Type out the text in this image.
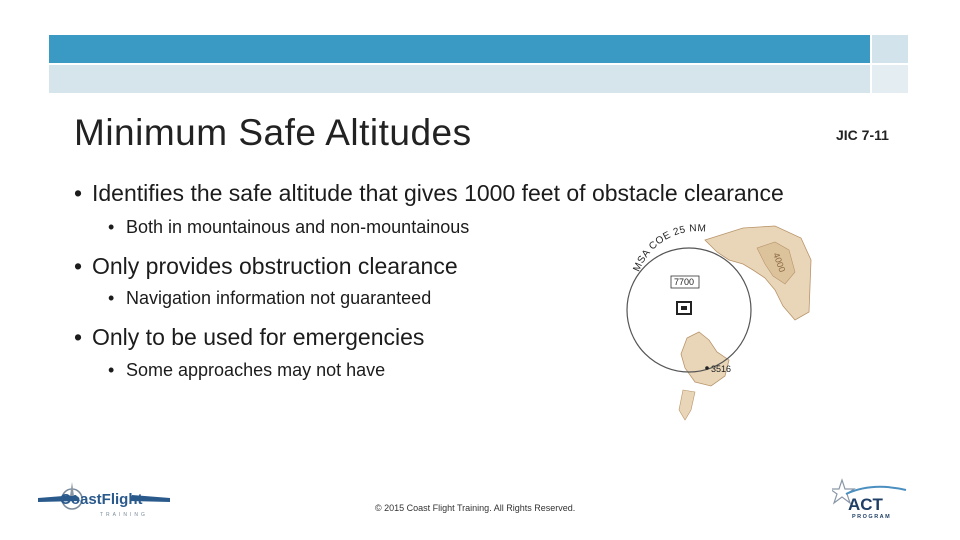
Minimum Safe Altitudes	JIC 7-11
• Identifies the safe altitude that gives 1000 feet of obstacle clearance
• Both in mountainous and non-mountainous
• Only provides obstruction clearance
• Navigation information not guaranteed
• Only to be used for emergencies
• Some approaches may not have
MSA COE 25 NM
7700
4000
3516
CoastFlight
TRAINING
© 2015 Coast Flight Training. All Rights Reserved.	ACT
PROGRAM
